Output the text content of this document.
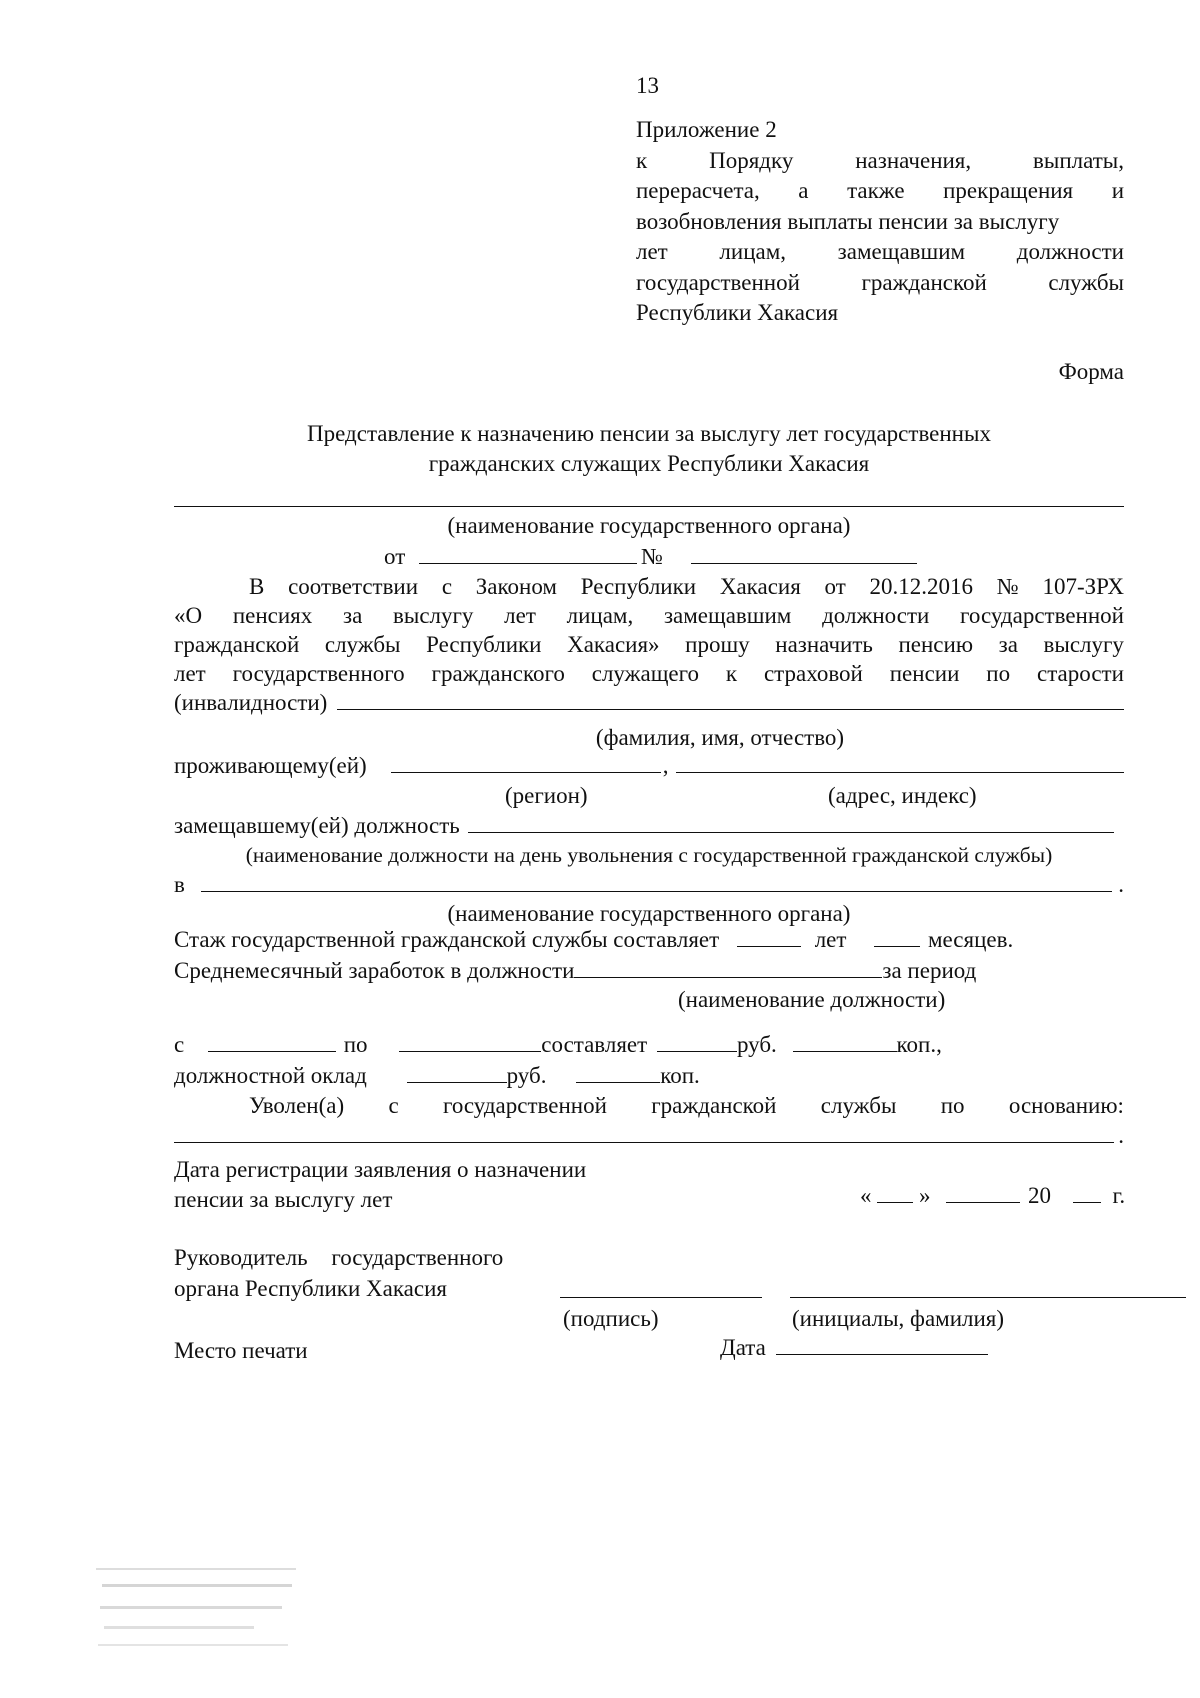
13
Приложение 2
к	Порядку	назначения,	выплаты,
перерасчета, а также прекращения и
возобновления выплаты пенсии за выслугу
лет лицам, замещавшим должности
государственной	гражданской	службы
Республики Хакасия
Форма
Представление к назначению пенсии за выслугу лет государственных
гражданских служащих Республики Хакасия
(наименование государственного органа)
от	№
В соответствии с Законом Республики Хакасия от 20.12.2016 № 107-ЗРХ
«О пенсиях за выслугу лет лицам, замещавшим должности государственной
гражданской службы Республики Хакасия» прошу назначить пенсию за выслугу
лет государственного гражданского служащего к страховой пенсии по старости
(инвалидности)
(фамилия, имя, отчество)
проживающему(ей)	,
(регион)	(адрес, индекс)
замещавшему(ей) должность
(наименование должности на день увольнения с государственной гражданской службы)
в	.
(наименование государственного органа)
Стаж государственной гражданской службы составляет	лет	месяцев.
Среднемесячный заработок в должности	за период
(наименование должности)
с	по	составляет	руб.	коп.,
должностной оклад	руб.	коп.
Уволен(а) с государственной гражданской службы по основанию:
.
Дата регистрации заявления о назначении
пенсии за выслугу лет	« »	20	г.
Руководитель государственного
органа Республики Хакасия
(подпись)	(инициалы, фамилия)
Место печати	Дата
